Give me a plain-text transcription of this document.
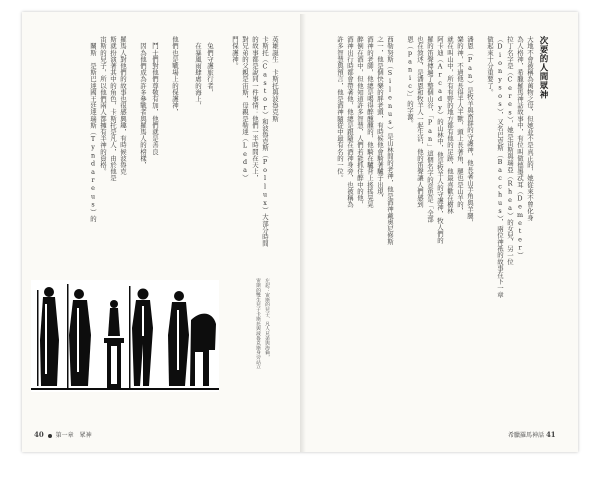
次要的人間眾神
大地不會被稱為萬物之母，但她並不是真正的，她從來不曾化身
為人格神，希臘羅馬神話故事中，有位叫做德墨忒耳（Demeter）
拉丁名字是（Ceres），她是宙斯與瑞亞（Rhea）的女兒，另一位
（Dionysos），又名巴克斯（Bacchus），兩位神祇的故事在下一章
做起來十分重要了。
潘恩（Pan）是牧羊與畜群的守護神，他長著山羊角與羊腿，
樂的神，不過他長得半人半獸，頭上長著角，腿也是山羊的，
就在叫山中，所有有野的地方都有他的足跡，他最喜歡在樹林
阿卡迪（Arcady）的山林中，他是牧羊人的守護神，牧人們的
羅的笛聲傳遍了整個山谷，「Pan」這個名字的意思是「全部
也在敘述，是潘恩和牧羊人一起生活，他的笛聲讓人們感到
恩（panic）」的字源。
西勒努斯（Silenus）是山林間的老神，他是酒神戴奧尼修斯
之一，他是個快樂的胖老頭，有時候他會騎著驢子出現，
酒神的老師，他總是喝得醉醺醺的，他騎在驢背上搖搖晃晃
醉倒在酒中，但他知道許多智慧，人們若能抓住醉中的他，
酒神出行時都會帶著他，他總是跟隨在酒神身旁，也被稱為
許多智慧與預言，他是酒神隨從中最有名的一位。
英雄誕生　卡斯托與波魯克斯
卡斯托（Castor）和波魯克斯（Pollux）大部分時間
的故事都是說同一件事情：他們一半時間在天上，
對兄弟的父親是宙斯，母親是勒達（Leda）
門保護神。
　兔們守護旅行者，
　在暴風雨肆虐的海上，
他們也是戰場上的保護神，
　鬥士們對他們尊敬有加，他們就是善良
　因為他們成為許多參戰者與羅馬人的榜樣，
羅馬人對他們的故事也很感興趣，有時候波魯克
斯就扮演著其中的角色，卡斯托是凡人，由於他是
宙斯的兒子，所以他們兩人都擁有半神的資格。
　關斯　是斯巴達國王廷達瑞斯（Tyndareus）的
左起：宙斯的兒子、凡人兄弟與海倫，
宙斯的雙生兒子卡斯托與波魯克斯身旁站立
40 第一章　眾神	希臘羅馬神話 41
